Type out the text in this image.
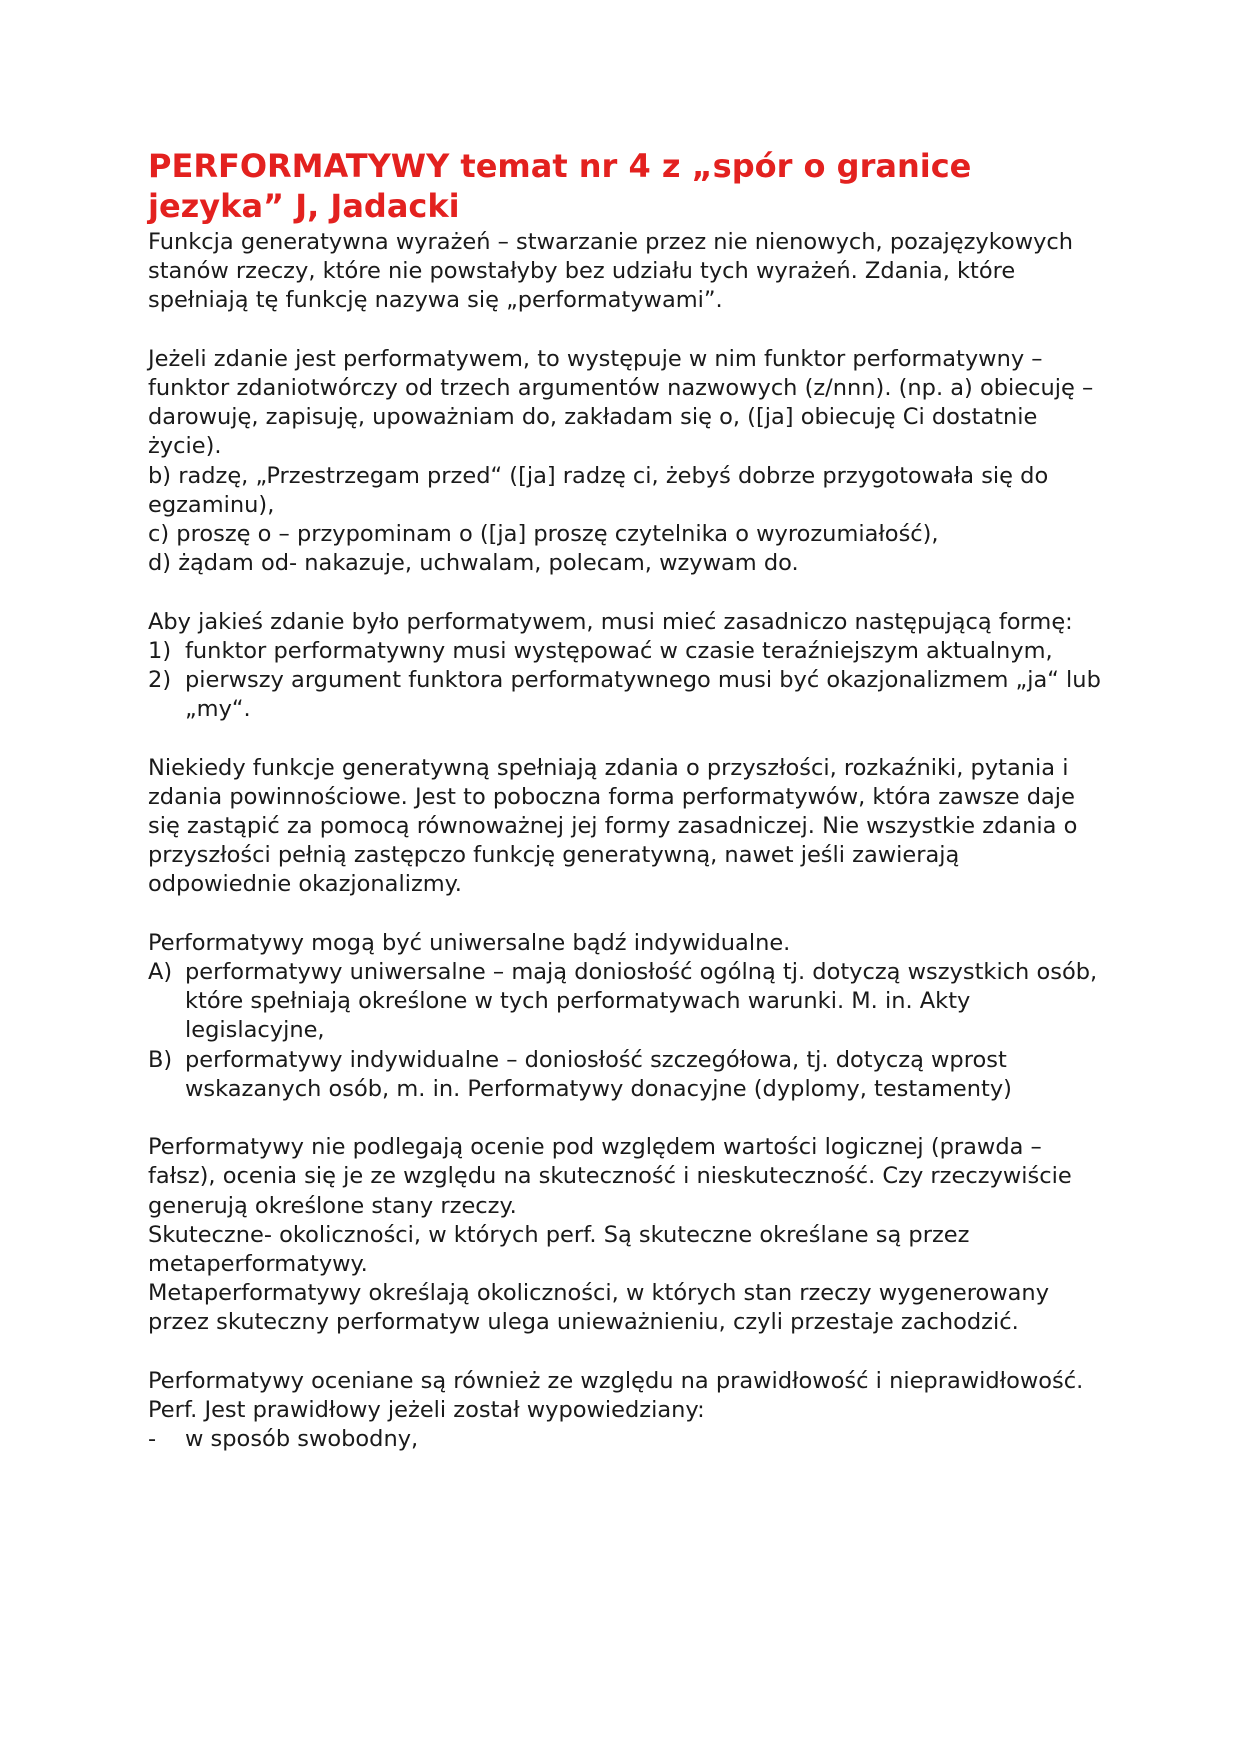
PERFORMATYWY temat nr 4 z „spór o granice jezyka” J, Jadacki

Funkcja generatywna wyrażeń – stwarzanie przez nie nienowych, pozajęzykowych stanów rzeczy, które nie powstałyby bez udziału tych wyrażeń. Zdania, które spełniają tę funkcję nazywa się „performatywami”.

Jeżeli zdanie jest performatywem, to występuje w nim funktor performatywny – funktor zdaniotwórczy od trzech argumentów nazwowych (z/nnn). (np. a) obiecuję – darowuję, zapisuję, upoważniam do, zakładam się o, ([ja] obiecuję Ci dostatnie życie).

b) radzę, „Przestrzegam przed“ ([ja] radzę ci, żebyś dobrze przygotowała się do egzaminu),

c) proszę o – przypominam o ([ja] proszę czytelnika o wyrozumiałość),

d) żądam od- nakazuje, uchwalam, polecam, wzywam do.

Aby jakieś zdanie było performatywem, musi mieć zasadniczo następującą formę:

1) funktor performatywny musi występować w czasie teraźniejszym aktualnym,
2) pierwszy argument funktora performatywnego musi być okazjonalizmem „ja“ lub „my“.

Niekiedy funkcje generatywną spełniają zdania o przyszłości, rozkaźniki, pytania i zdania powinnościowe. Jest to poboczna forma performatywów, która zawsze daje się zastąpić za pomocą równoważnej jej formy zasadniczej. Nie wszystkie zdania o przyszłości pełnią zastępczo funkcję generatywną, nawet jeśli zawierają odpowiednie okazjonalizmy.

Performatywy mogą być uniwersalne bądź indywidualne.

A) performatywy uniwersalne – mają doniosłość ogólną tj. dotyczą wszystkich osób, które spełniają określone w tych performatywach warunki. M. in. Akty legislacyjne,
B) performatywy indywidualne – doniosłość szczegółowa, tj. dotyczą wprost wskazanych osób, m. in. Performatywy donacyjne (dyplomy, testamenty)

Performatywy nie podlegają ocenie pod względem wartości logicznej (prawda – fałsz), ocenia się je ze względu na skuteczność i nieskuteczność. Czy rzeczywiście generują określone stany rzeczy.

Skuteczne- okoliczności, w których perf. Są skuteczne określane są przez metaperformatywy.

Metaperformatywy określają okoliczności, w których stan rzeczy wygenerowany przez skuteczny performatyw ulega unieważnieniu, czyli przestaje zachodzić.

Performatywy oceniane są również ze względu na prawidłowość i nieprawidłowość.

Perf. Jest prawidłowy jeżeli został wypowiedziany:

-	w sposób swobodny,
